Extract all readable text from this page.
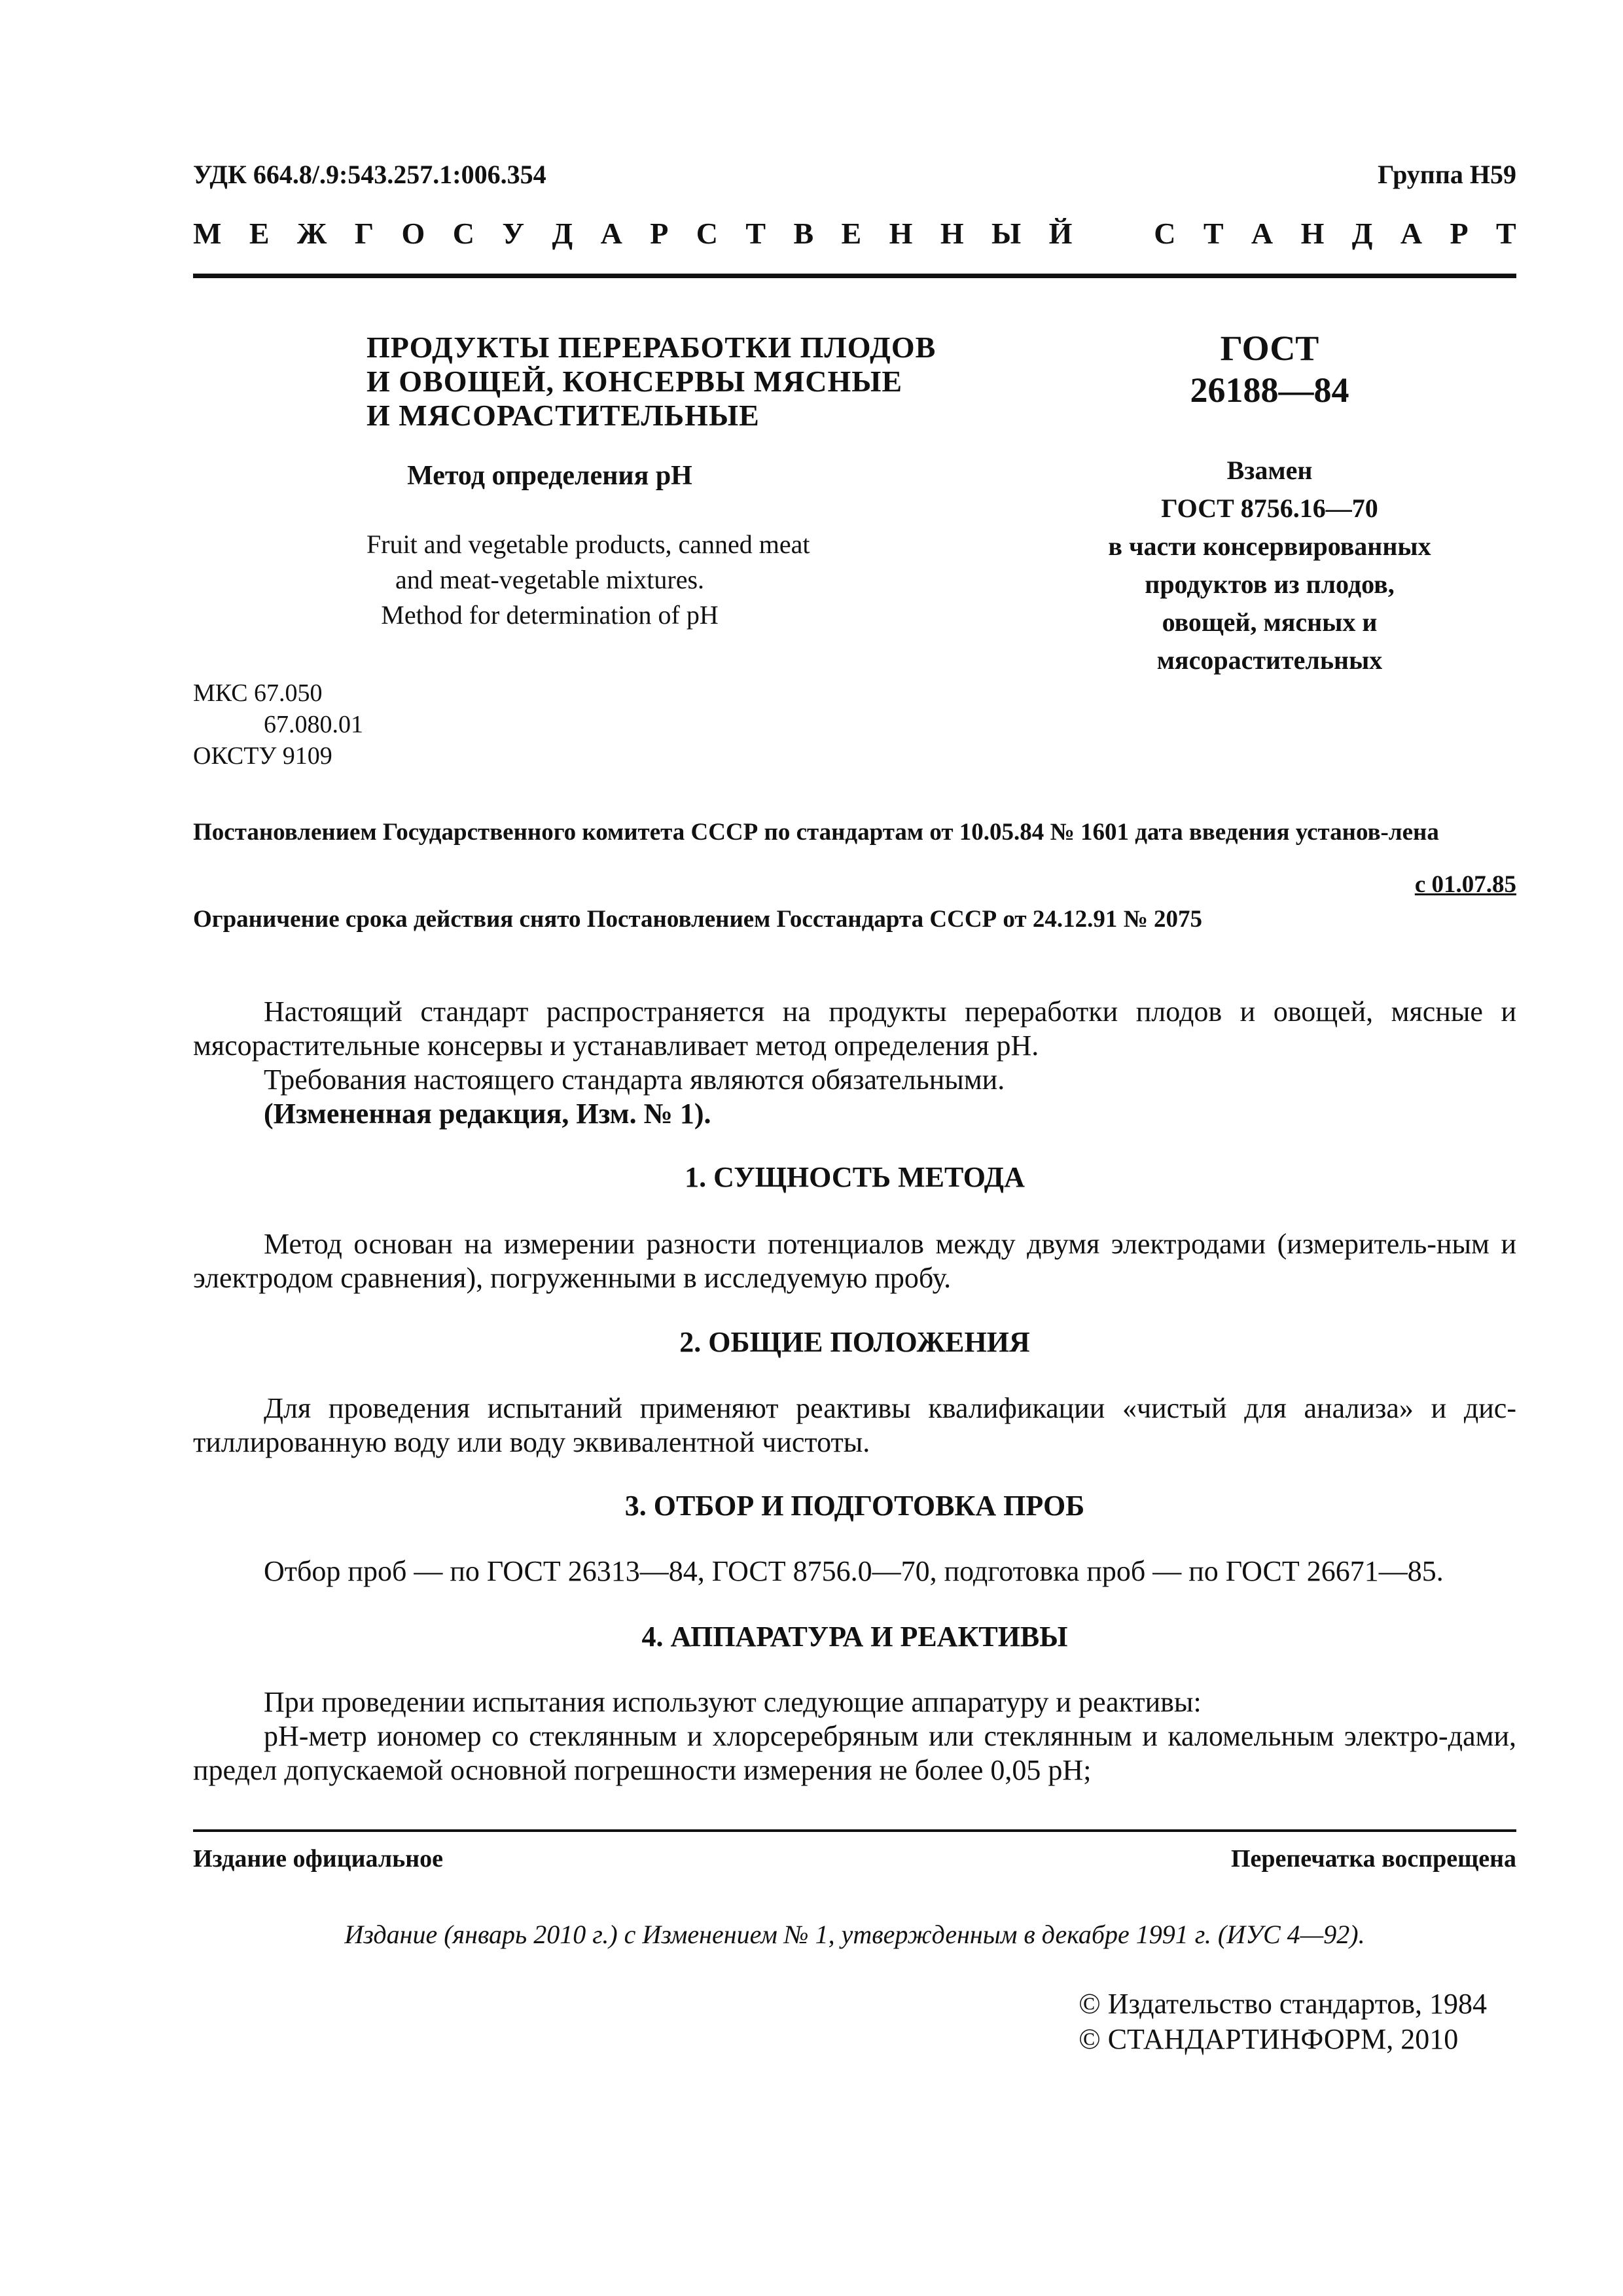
УДК 664.8/.9:543.257.1:006.354	Группа Н59
М Е Ж Г О С У Д А Р С Т В Е Н Н Ы Й	С Т А Н Д А Р Т
ПРОДУКТЫ ПЕРЕРАБОТКИ ПЛОДОВ
И ОВОЩЕЙ, КОНСЕРВЫ МЯСНЫЕ
И МЯСОРАСТИТЕЛЬНЫЕ
Метод определения рН
Fruit and vegetable products, canned meat
and meat-vegetable mixtures.
Method for determination of pH
ГОСТ
26188—84
Взамен
ГОСТ 8756.16—70
в части консервированных
продуктов из плодов,
овощей, мясных и
мясорастительных
МКС 67.050
67.080.01
ОКСТУ 9109
Постановлением Государственного комитета СССР по стандартам от 10.05.84 № 1601 дата введения установ-лена
с 01.07.85
Ограничение срока действия снято Постановлением Госстандарта СССР от 24.12.91 № 2075
Настоящий стандарт распространяется на продукты переработки плодов и овощей, мясные и мясорастительные консервы и устанавливает метод определения рН.
Требования настоящего стандарта являются обязательными.
(Измененная редакция, Изм. № 1).
1. СУЩНОСТЬ МЕТОДА
Метод основан на измерении разности потенциалов между двумя электродами (измеритель-ным и электродом сравнения), погруженными в исследуемую пробу.
2. ОБЩИЕ ПОЛОЖЕНИЯ
Для проведения испытаний применяют реактивы квалификации «чистый для анализа» и дис-тиллированную воду или воду эквивалентной чистоты.
3. ОТБОР И ПОДГОТОВКА ПРОБ
Отбор проб — по ГОСТ 26313—84, ГОСТ 8756.0—70, подготовка проб — по ГОСТ 26671—85.
4. АППАРАТУРА И РЕАКТИВЫ
При проведении испытания используют следующие аппаратуру и реактивы:
рН-метр иономер со стеклянным и хлорсеребряным или стеклянным и каломельным электро-дами, предел допускаемой основной погрешности измерения не более 0,05 рН;
Издание официальное	Перепечатка воспрещена
Издание (январь 2010 г.) с Изменением № 1, утвержденным в декабре 1991 г. (ИУС 4—92).
© Издательство стандартов, 1984
© СТАНДАРТИНФОРМ, 2010
